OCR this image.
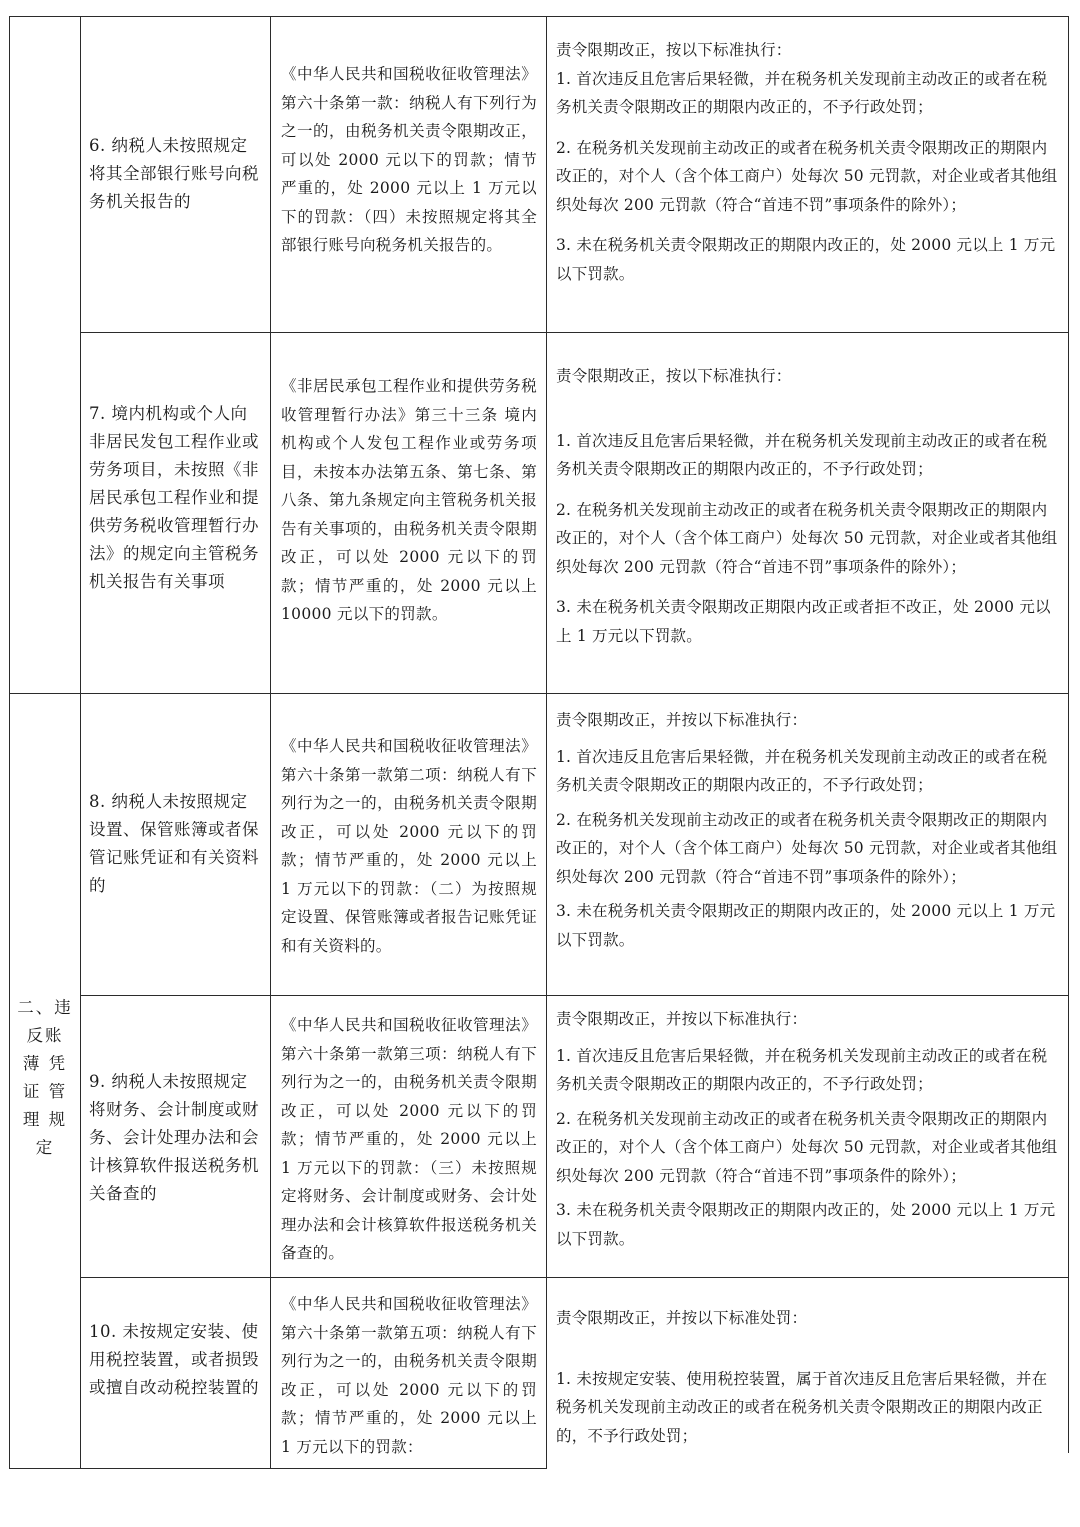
二、违
反账
薄 凭
证 管
理 规
定
6. 纳税人未按照规定将其全部银行账号向税务机关报告的
《中华人民共和国税收征收管理法》第六十条第一款：纳税人有下列行为之一的，由税务机关责令限期改正，可以处 2000 元以下的罚款；情节严重的，处 2000 元以上 1 万元以下的罚款：（四）未按照规定将其全部银行账号向税务机关报告的。
责令限期改正，按以下标准执行：
1. 首次违反且危害后果轻微，并在税务机关发现前主动改正的或者在税务机关责令限期改正的期限内改正的，不予行政处罚；
2. 在税务机关发现前主动改正的或者在税务机关责令限期改正的期限内改正的，对个人（含个体工商户）处每次 50 元罚款，对企业或者其他组织处每次 200 元罚款（符合“首违不罚”事项条件的除外）；
3. 未在税务机关责令限期改正的期限内改正的，处 2000 元以上 1 万元以下罚款。
7. 境内机构或个人向非居民发包工程作业或劳务项目，未按照《非居民承包工程作业和提供劳务税收管理暂行办法》的规定向主管税务机关报告有关事项
《非居民承包工程作业和提供劳务税收管理暂行办法》第三十三条 境内机构或个人发包工程作业或劳务项目，未按本办法第五条、第七条、第八条、第九条规定向主管税务机关报告有关事项的，由税务机关责令限期改正，可以处 2000 元以下的罚款；情节严重的，处 2000 元以上 10000 元以下的罚款。
责令限期改正，按以下标准执行：
1. 首次违反且危害后果轻微，并在税务机关发现前主动改正的或者在税务机关责令限期改正的期限内改正的，不予行政处罚；
2. 在税务机关发现前主动改正的或者在税务机关责令限期改正的期限内改正的，对个人（含个体工商户）处每次 50 元罚款，对企业或者其他组织处每次 200 元罚款（符合“首违不罚”事项条件的除外）；
3. 未在税务机关责令限期改正期限内改正或者拒不改正，处 2000 元以上 1 万元以下罚款。
8. 纳税人未按照规定设置、保管账簿或者保管记账凭证和有关资料的
《中华人民共和国税收征收管理法》第六十条第一款第二项：纳税人有下列行为之一的，由税务机关责令限期改正，可以处 2000 元以下的罚款；情节严重的，处 2000 元以上 1 万元以下的罚款：（二）为按照规定设置、保管账簿或者报告记账凭证和有关资料的。
责令限期改正，并按以下标准执行：
1. 首次违反且危害后果轻微，并在税务机关发现前主动改正的或者在税务机关责令限期改正的期限内改正的，不予行政处罚；
2. 在税务机关发现前主动改正的或者在税务机关责令限期改正的期限内改正的，对个人（含个体工商户）处每次 50 元罚款，对企业或者其他组织处每次 200 元罚款（符合“首违不罚”事项条件的除外）；
3. 未在税务机关责令限期改正的期限内改正的，处 2000 元以上 1 万元以下罚款。
9. 纳税人未按照规定将财务、会计制度或财务、会计处理办法和会计核算软件报送税务机关备查的
《中华人民共和国税收征收管理法》第六十条第一款第三项：纳税人有下列行为之一的，由税务机关责令限期改正，可以处 2000 元以下的罚款；情节严重的，处 2000 元以上 1 万元以下的罚款：（三）未按照规定将财务、会计制度或财务、会计处理办法和会计核算软件报送税务机关备查的。
责令限期改正，并按以下标准执行：
1. 首次违反且危害后果轻微，并在税务机关发现前主动改正的或者在税务机关责令限期改正的期限内改正的，不予行政处罚；
2. 在税务机关发现前主动改正的或者在税务机关责令限期改正的期限内改正的，对个人（含个体工商户）处每次 50 元罚款，对企业或者其他组织处每次 200 元罚款（符合“首违不罚”事项条件的除外）；
3. 未在税务机关责令限期改正的期限内改正的，处 2000 元以上 1 万元以下罚款。
10. 未按规定安装、使用税控装置，或者损毁或擅自改动税控装置的
《中华人民共和国税收征收管理法》第六十条第一款第五项：纳税人有下列行为之一的，由税务机关责令限期改正，可以处 2000 元以下的罚款；情节严重的，处 2000 元以上 1 万元以下的罚款：
责令限期改正，并按以下标准处罚：
1. 未按规定安装、使用税控装置，属于首次违反且危害后果轻微，并在税务机关发现前主动改正的或者在税务机关责令限期改正的期限内改正的，不予行政处罚；
